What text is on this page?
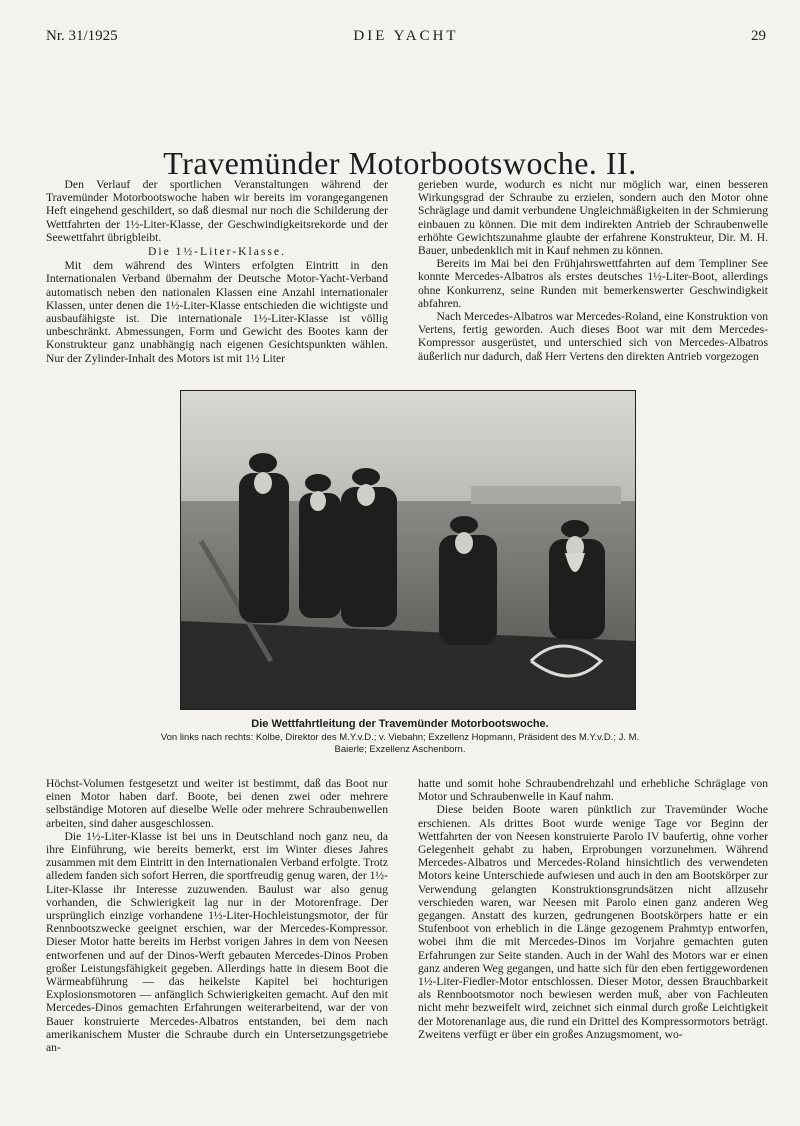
Nr. 31/1925	DIE YACHT	29
Travemünder Motorbootswoche. II.

Den Verlauf der sportlichen Veranstaltungen während der Travemünder Motorbootswoche haben wir bereits im vorangegangenen Heft eingehend geschildert, so daß diesmal nur noch die Schilderung der Wettfahrten der 1½-Liter-Klasse, der Geschwindigkeitsrekorde und der Seewettfahrt übrigbleibt.

Die 1½-Liter-Klasse.

Mit dem während des Winters erfolgten Eintritt in den Internationalen Verband übernahm der Deutsche Motor-Yacht-Verband automatisch neben den nationalen Klassen eine Anzahl internationaler Klassen, unter denen die 1½-Liter-Klasse entschieden die wichtigste und ausbaufähigste ist. Die internationale 1½-Liter-Klasse ist völlig unbeschränkt. Abmessungen, Form und Gewicht des Bootes kann der Konstrukteur ganz unabhängig nach eigenen Gesichtspunkten wählen. Nur der Zylinder-Inhalt des Motors ist mit 1½ Liter

gerieben wurde, wodurch es nicht nur möglich war, einen besseren Wirkungsgrad der Schraube zu erzielen, sondern auch den Motor ohne Schräglage und damit verbundene Ungleichmäßigkeiten in der Schmierung einbauen zu können. Die mit dem indirekten Antrieb der Schraubenwelle erhöhte Gewichtszunahme glaubte der erfahrene Konstrukteur, Dir. M. H. Bauer, unbedenklich mit in Kauf nehmen zu können.

Bereits im Mai bei den Frühjahrswettfahrten auf dem Templiner See konnte Mercedes-Albatros als erstes deutsches 1½-Liter-Boot, allerdings ohne Konkurrenz, seine Runden mit bemerkenswerter Geschwindigkeit abfahren.

Nach Mercedes-Albatros war Mercedes-Roland, eine Konstruktion von Vertens, fertig geworden. Auch dieses Boot war mit dem Mercedes-Kompressor ausgerüstet, und unterschied sich von Mercedes-Albatros äußerlich nur dadurch, daß Herr Vertens den direkten Antrieb vorgezogen

Die Wettfahrtleitung der Travemünder Motorbootswoche.
Von links nach rechts: Kolbe, Direktor des M.Y.v.D.; v. Viebahn; Exzellenz Hopmann, Präsident des M.Y.v.D.; J. M. Baierle; Exzellenz Aschenborn.

Höchst-Volumen festgesetzt und weiter ist bestimmt, daß das Boot nur einen Motor haben darf. Boote, bei denen zwei oder mehrere selbständige Motoren auf dieselbe Welle oder mehrere Schraubenwellen arbeiten, sind daher ausgeschlossen.

Die 1½-Liter-Klasse ist bei uns in Deutschland noch ganz neu, da ihre Einführung, wie bereits bemerkt, erst im Winter dieses Jahres zusammen mit dem Eintritt in den Internationalen Verband erfolgte. Trotz alledem fanden sich sofort Herren, die sportfreudig genug waren, der 1½-Liter-Klasse ihr Interesse zuzuwenden. Baulust war also genug vorhanden, die Schwierigkeit lag nur in der Motorenfrage. Der ursprünglich einzige vorhandene 1½-Liter-Hochleistungsmotor, der für Rennbootszwecke geeignet erschien, war der Mercedes-Kompressor. Dieser Motor hatte bereits im Herbst vorigen Jahres in dem von Neesen entworfenen und auf der Dinos-Werft gebauten Mercedes-Dinos Proben großer Leistungsfähigkeit gegeben. Allerdings hatte in diesem Boot die Wärmeabführung — das heikelste Kapitel bei hochturigen Explosionsmotoren — anfänglich Schwierigkeiten gemacht. Auf den mit Mercedes-Dinos gemachten Erfahrungen weiterarbeitend, war der von Bauer konstruierte Mercedes-Albatros entstanden, bei dem nach amerikanischem Muster die Schraube durch ein Untersetzungsgetriebe an-

hatte und somit hohe Schraubendrehzahl und erhebliche Schräglage von Motor und Schraubenwelle in Kauf nahm.

Diese beiden Boote waren pünktlich zur Travemünder Woche erschienen. Als drittes Boot wurde wenige Tage vor Beginn der Wettfahrten der von Neesen konstruierte Parolo IV baufertig, ohne vorher Gelegenheit gehabt zu haben, Erprobungen vorzunehmen. Während Mercedes-Albatros und Mercedes-Roland hinsichtlich des verwendeten Motors keine Unterschiede aufwiesen und auch in den am Bootskörper zur Verwendung gelangten Konstruktionsgrundsätzen nicht allzusehr verschieden waren, war Neesen mit Parolo einen ganz anderen Weg gegangen. Anstatt des kurzen, gedrungenen Bootskörpers hatte er ein Stufenboot von erheblich in die Länge gezogenem Prahmtyp entworfen, wobei ihm die mit Mercedes-Dinos im Vorjahre gemachten guten Erfahrungen zur Seite standen. Auch in der Wahl des Motors war er einen ganz anderen Weg gegangen, und hatte sich für den eben fertiggewordenen 1½-Liter-Fiedler-Motor entschlossen. Dieser Motor, dessen Brauchbarkeit als Rennbootsmotor noch bewiesen werden muß, aber von Fachleuten nicht mehr bezweifelt wird, zeichnet sich einmal durch große Leichtigkeit der Motorenanlage aus, die rund ein Drittel des Kompressormotors beträgt. Zweitens verfügt er über ein großes Anzugsmoment, wo-
